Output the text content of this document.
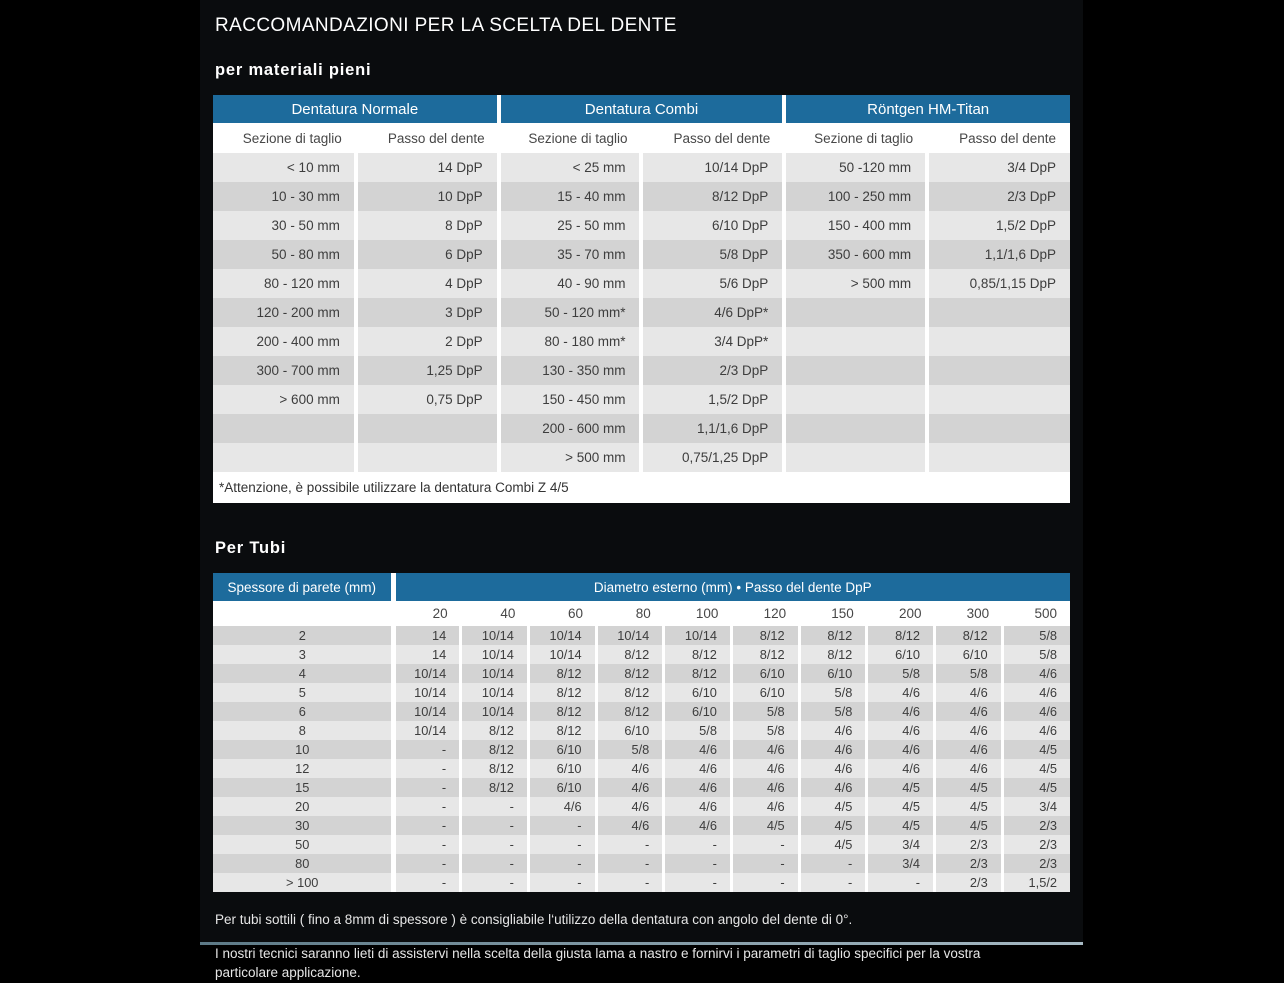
RACCOMANDAZIONI PER LA SCELTA DEL DENTE
per materiali pieni
Dentatura Normale		Dentatura Combi		Röntgen HM-Titan	
Sezione di taglio	Passo del dente	Sezione di taglio	Passo del dente	Sezione di taglio	Passo del dente
< 10 mm	14 DpP	< 25 mm	10/14 DpP	50 -120 mm	3/4 DpP
10 - 30 mm	10 DpP	15 - 40 mm	8/12 DpP	100 - 250 mm	2/3 DpP
30 - 50 mm	8 DpP	25 - 50 mm	6/10 DpP	150 - 400 mm	1,5/2 DpP
50 - 80 mm	6 DpP	35 - 70 mm	5/8 DpP	350 - 600 mm	1,1/1,6 DpP
80 - 120 mm	4 DpP	40 - 90 mm	5/6 DpP	> 500 mm	0,85/1,15 DpP
120 - 200 mm	3 DpP	50 - 120 mm*	4/6 DpP*		
200 - 400 mm	2 DpP	80 - 180 mm*	3/4 DpP*		
300 - 700 mm	1,25 DpP	130 - 350 mm	2/3 DpP		
> 600 mm	0,75 DpP	150 - 450 mm	1,5/2 DpP		
		200 - 600 mm	1,1/1,6 DpP		
		> 500 mm	0,75/1,25 DpP		
*Attenzione, è possibile utilizzare la dentatura Combi Z 4/5					
Per Tubi
Spessore di parete (mm)	Diametro esterno (mm) • Passo del dente DpP									
	20	40	60	80	100	120	150	200	300	500
2	14	10/14	10/14	10/14	10/14	8/12	8/12	8/12	8/12	5/8
3	14	10/14	10/14	8/12	8/12	8/12	8/12	6/10	6/10	5/8
4	10/14	10/14	8/12	8/12	8/12	6/10	6/10	5/8	5/8	4/6
5	10/14	10/14	8/12	8/12	6/10	6/10	5/8	4/6	4/6	4/6
6	10/14	10/14	8/12	8/12	6/10	5/8	5/8	4/6	4/6	4/6
8	10/14	8/12	8/12	6/10	5/8	5/8	4/6	4/6	4/6	4/6
10	-	8/12	6/10	5/8	4/6	4/6	4/6	4/6	4/6	4/5
12	-	8/12	6/10	4/6	4/6	4/6	4/6	4/6	4/6	4/5
15	-	8/12	6/10	4/6	4/6	4/6	4/6	4/5	4/5	4/5
20	-	-	4/6	4/6	4/6	4/6	4/5	4/5	4/5	3/4
30	-	-	-	4/6	4/6	4/5	4/5	4/5	4/5	2/3
50	-	-	-	-	-	-	4/5	3/4	2/3	2/3
80	-	-	-	-	-	-	-	3/4	2/3	2/3
> 100	-	-	-	-	-	-	-	-	2/3	1,5/2

Per tubi sottili ( fino a 8mm di spessore ) è consigliabile l‘utilizzo della dentatura con angolo del dente di 0°.

I nostri tecnici saranno lieti di assistervi nella scelta della giusta lama a nastro e fornirvi i parametri di taglio specifici per la vostra particolare applicazione.
